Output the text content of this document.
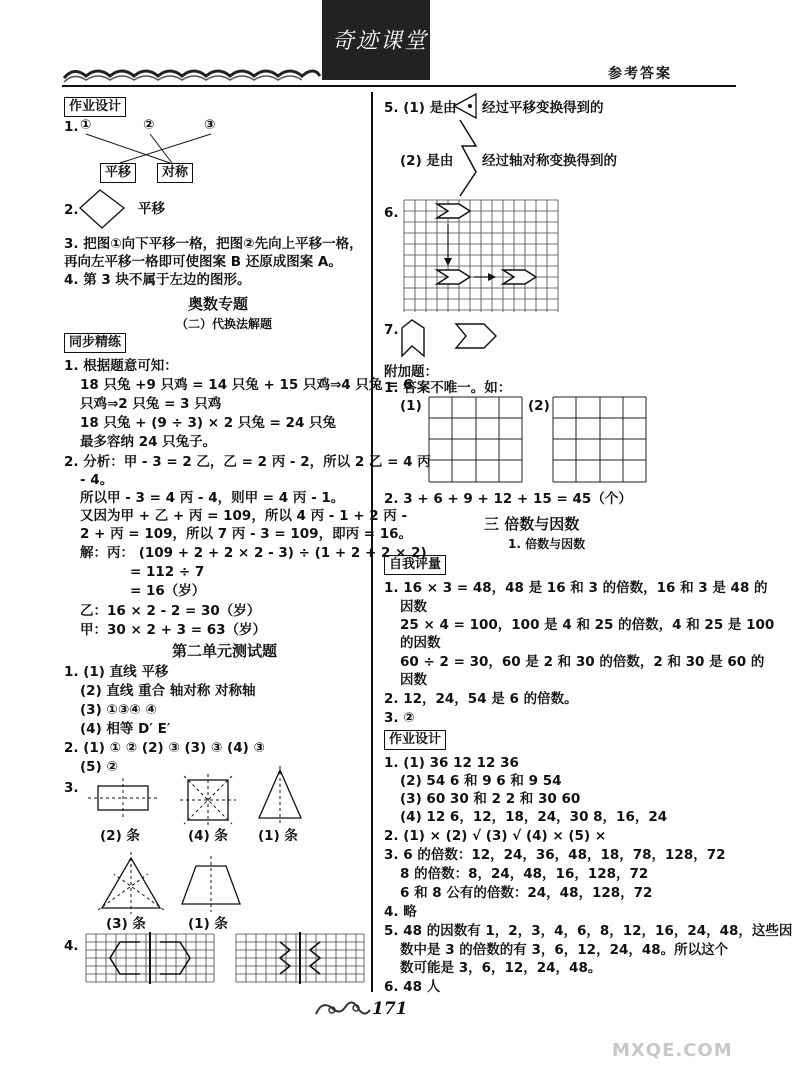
奇迹课堂
参考答案
作业设计
1. ①	②	③
平移	对称
2.	平移
3. 把图①向下平移一格，把图②先向上平移一格，
再向左平移一格即可使图案 B 还原成图案 A。
4. 第 3 块不属于左边的图形。
奥数专题
（二）代换法解题
同步精练
1. 根据题意可知：
18 只兔 +9 只鸡 = 14 只兔 + 15 只鸡⇒4 只兔 = 6
只鸡⇒2 只兔 = 3 只鸡
18 只兔 + (9 ÷ 3) × 2 只兔 = 24 只兔
最多容纳 24 只兔子。
2. 分析：甲 - 3 = 2 乙，乙 = 2 丙 - 2，所以 2 乙 = 4 丙
- 4。
所以甲 - 3 = 4 丙 - 4，则甲 = 4 丙 - 1。
又因为甲 + 乙 + 丙 = 109，所以 4 丙 - 1 + 2 丙 -
2 + 丙 = 109，所以 7 丙 - 3 = 109，即丙 = 16。
解：丙： (109 + 2 + 2 × 2 - 3) ÷ (1 + 2 + 2 × 2)
= 112 ÷ 7
= 16（岁）
乙：16 × 2 - 2 = 30（岁）
甲：30 × 2 + 3 = 63（岁）
第二单元测试题
1. (1) 直线 平移
(2) 直线 重合 轴对称 对称轴
(3) ①③④ ④
(4) 相等 D′ E′
2. (1) ① ② (2) ③ (3) ③ (4) ③
(5) ②
3.
(2) 条	(4) 条 (1) 条
(3) 条	(1) 条
4.
5. (1) 是由 经过平移变换得到的
(2) 是由 经过轴对称变换得到的
6.
7.
附加题：
1. 答案不唯一。如：
(1)	(2)
2. 3 + 6 + 9 + 12 + 15 = 45（个）
三 倍数与因数
1. 倍数与因数
自我评量
1. 16 × 3 = 48，48 是 16 和 3 的倍数，16 和 3 是 48 的
因数
25 × 4 = 100，100 是 4 和 25 的倍数，4 和 25 是 100
的因数
60 ÷ 2 = 30，60 是 2 和 30 的倍数，2 和 30 是 60 的
因数
2. 12，24，54 是 6 的倍数。
3. ②
作业设计
1. (1) 36 12 12 36
(2) 54 6 和 9 6 和 9 54
(3) 60 30 和 2 2 和 30 60
(4) 12 6，12，18，24，30 8，16，24
2. (1) × (2) √ (3) √ (4) × (5) ×
3. 6 的倍数：12，24，36，48，18，78，128，72
8 的倍数：8，24，48，16，128，72
6 和 8 公有的倍数：24，48，128，72
4. 略
5. 48 的因数有 1，2，3，4，6，8，12，16，24，48，这些因
数中是 3 的倍数的有 3，6，12，24，48。所以这个
数可能是 3，6，12，24，48。
6. 48 人
171
MXQE.COM
